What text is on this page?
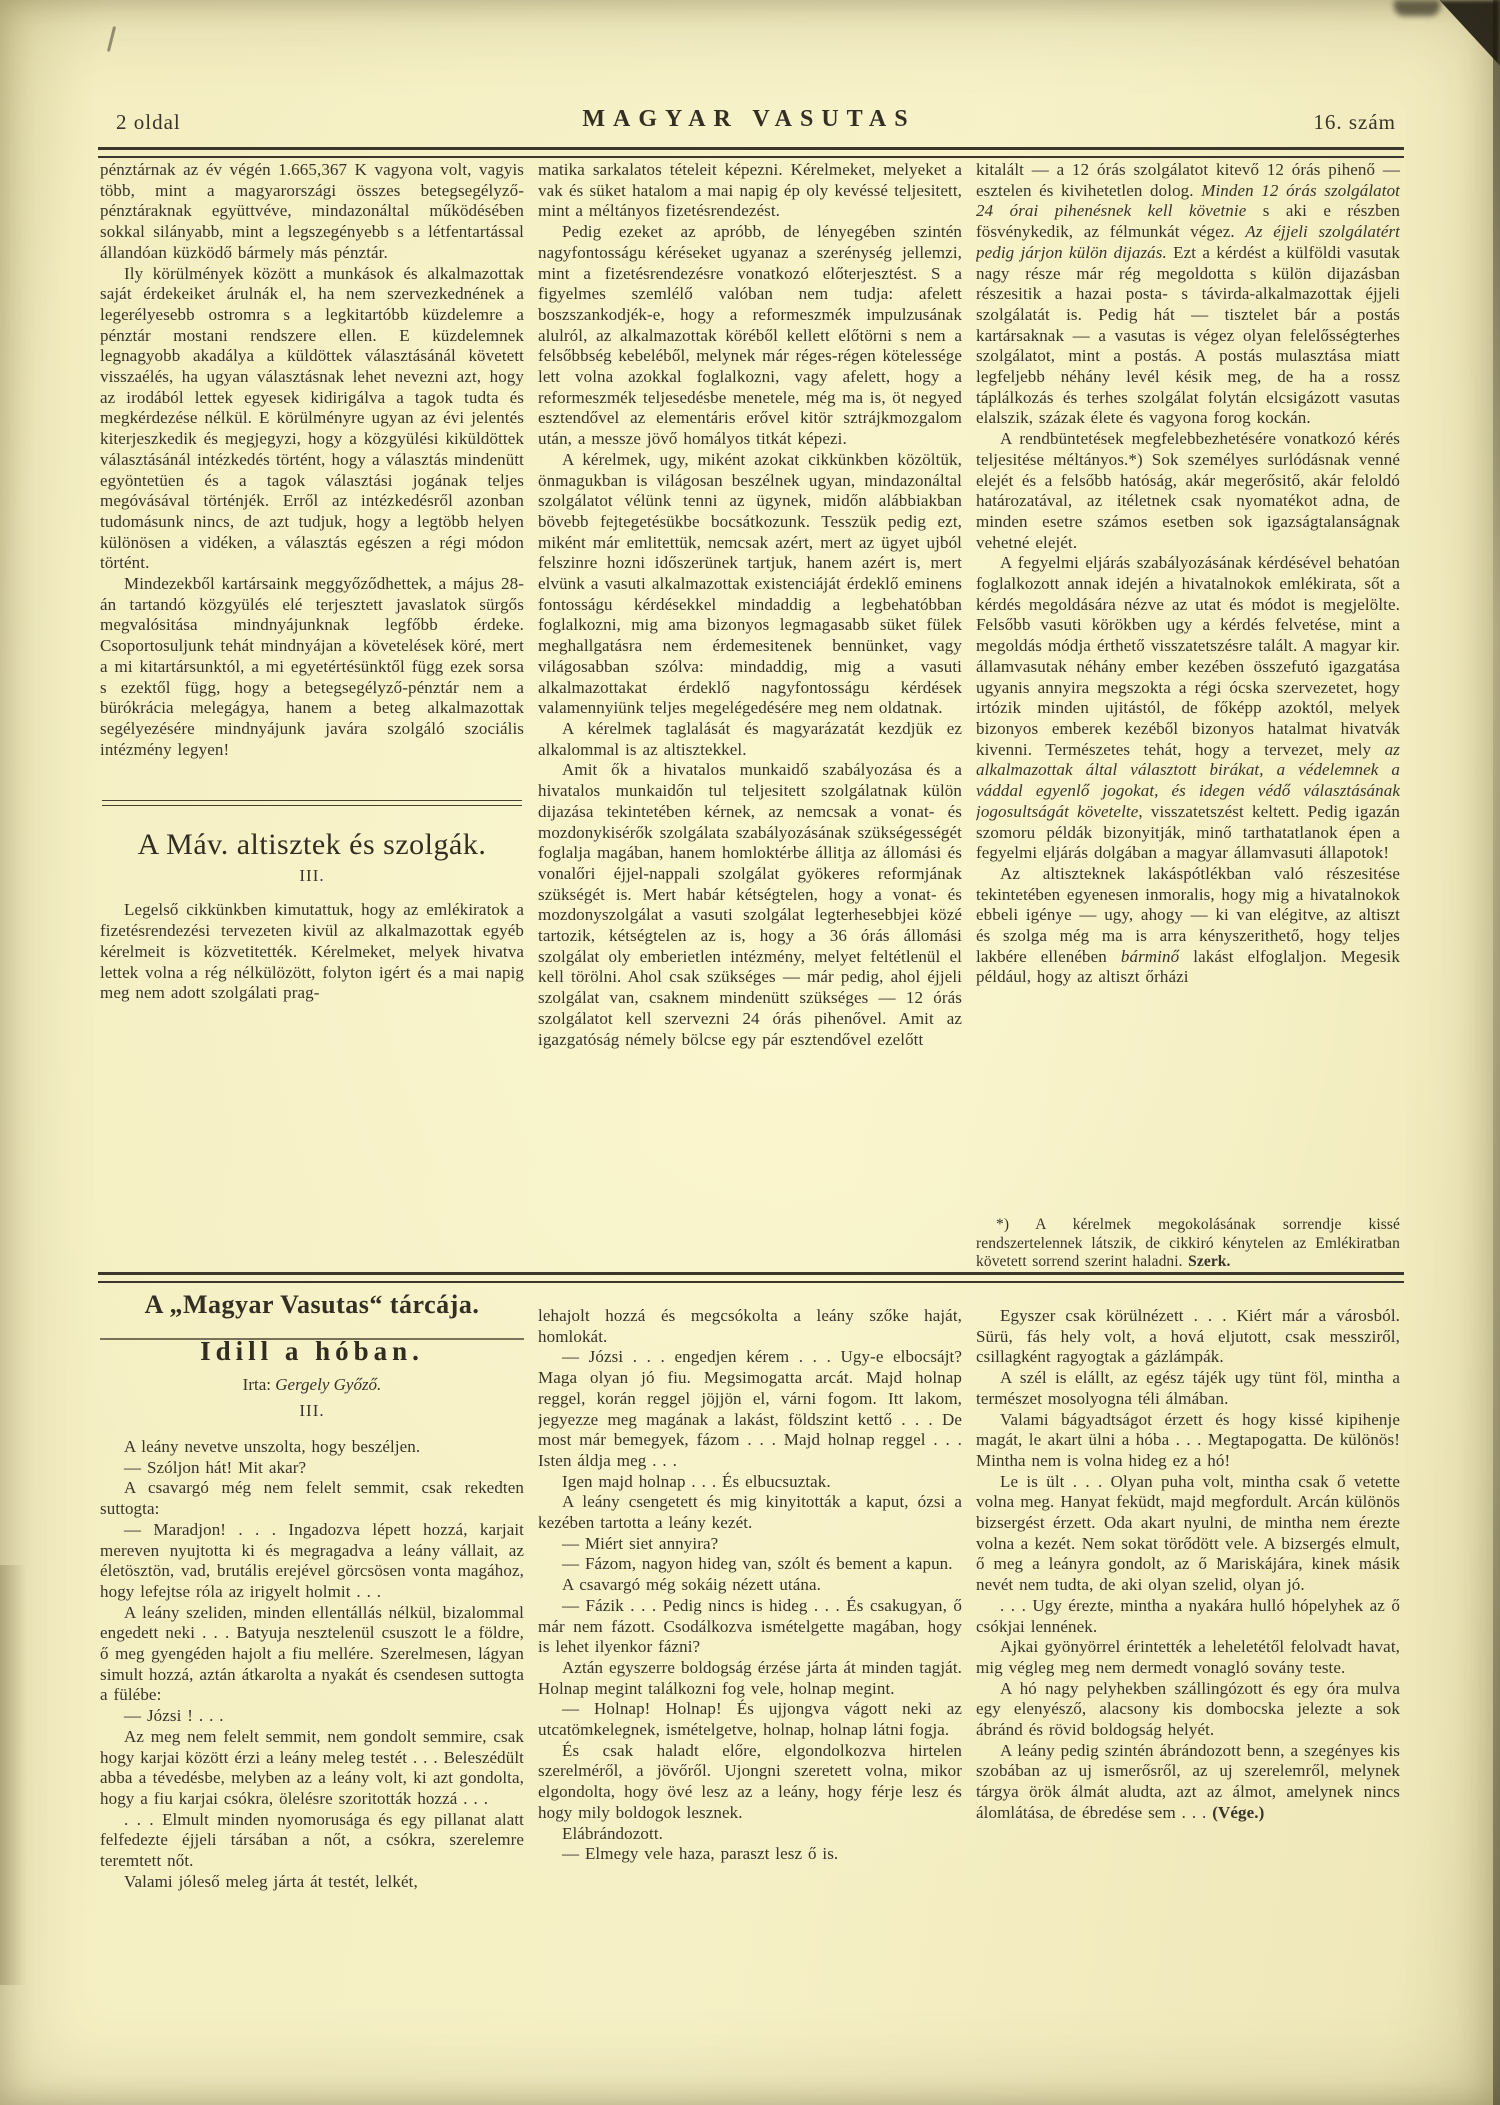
2 oldal	MAGYAR VASUTAS	16. szám

pénztárnak az év végén 1.665,367 K vagyona volt, vagyis több, mint a magyarországi összes betegsegélyző-pénztáraknak együttvéve, mindazonáltal működésében sokkal silányabb, mint a legszegényebb s a létfentartással állandóan küzködő bármely más pénztár.

Ily körülmények között a munkások és alkalmazottak saját érdekeiket árulnák el, ha nem szervezkednének a legerélyesebb ostromra s a legkitartóbb küzdelemre a pénztár mostani rendszere ellen. E küzdelemnek legnagyobb akadálya a küldöttek választásánál követett visszaélés, ha ugyan választásnak lehet nevezni azt, hogy az irodából lettek egyesek kidirigálva a tagok tudta és megkérdezése nélkül. E körülményre ugyan az évi jelentés kiterjeszkedik és megjegyzi, hogy a közgyülési kiküldöttek választásánál intézkedés történt, hogy a választás mindenütt egyöntetüen és a tagok választási jogának teljes megóvásával történjék. Erről az intézkedésről azonban tudomásunk nincs, de azt tudjuk, hogy a legtöbb helyen különösen a vidéken, a választás egészen a régi módon történt.

Mindezekből kartársaink meggyőződhettek, a május 28-án tartandó közgyülés elé terjesztett javaslatok sürgős megvalósitása mindnyájunknak legfőbb érdeke. Csoportosuljunk tehát mindnyájan a követelések köré, mert a mi kitartársunktól, a mi egyetértésünktől függ ezek sorsa s ezektől függ, hogy a betegsegélyző-pénztár nem a bürókrácia melegágya, hanem a beteg alkalmazottak segélyezésére mindnyájunk javára szolgáló szociális intézmény legyen!

A Máv. altisztek és szolgák.
III.

Legelső cikkünkben kimutattuk, hogy az emlékiratok a fizetésrendezési tervezeten kivül az alkalmazottak egyéb kérelmeit is közvetitették. Kérelmeket, melyek hivatva lettek volna a rég nélkülözött, folyton igért és a mai napig meg nem adott szolgálati prag-

matika sarkalatos tételeit képezni. Kérelmeket, melyeket a vak és süket hatalom a mai napig ép oly kevéssé teljesitett, mint a méltányos fizetésrendezést.

Pedig ezeket az apróbb, de lényegében szintén nagyfontosságu kéréseket ugyanaz a szerénység jellemzi, mint a fizetésrendezésre vonatkozó előterjesztést. S a figyelmes szemlélő valóban nem tudja: afelett boszszankodjék-e, hogy a reformeszmék impulzusának alulról, az alkalmazottak köréből kellett előtörni s nem a felsőbbség kebeléből, melynek már réges-régen kötelessége lett volna azokkal foglalkozni, vagy afelett, hogy a reformeszmék teljesedésbe menetele, még ma is, öt negyed esztendővel az elementáris erővel kitör sztrájkmozgalom után, a messze jövő homályos titkát képezi.

A kérelmek, ugy, miként azokat cikkünkben közöltük, önmagukban is világosan beszélnek ugyan, mindazonáltal szolgálatot vélünk tenni az ügynek, midőn alábbiakban bövebb fejtegetésükbe bocsátkozunk. Tesszük pedig ezt, miként már emlitettük, nemcsak azért, mert az ügyet ujból felszinre hozni időszerünek tartjuk, hanem azért is, mert elvünk a vasuti alkalmazottak existenciáját érdeklő eminens fontosságu kérdésekkel mindaddig a legbehatóbban foglalkozni, mig ama bizonyos legmagasabb süket fülek meghallgatásra nem érdemesitenek bennünket, vagy világosabban szólva: mindaddig, mig a vasuti alkalmazottakat érdeklő nagyfontosságu kérdések valamennyiünk teljes megelégedésére meg nem oldatnak.

A kérelmek taglalását és magyarázatát kezdjük ez alkalommal is az altisztekkel.

Amit ők a hivatalos munkaidő szabályozása és a hivatalos munkaidőn tul teljesitett szolgálatnak külön dijazása tekintetében kérnek, az nemcsak a vonat- és mozdonykisérők szolgálata szabályozásának szükségességét foglalja magában, hanem homloktérbe állitja az állomási és vonalőri éjjel-nappali szolgálat gyökeres reformjának szükségét is. Mert habár kétségtelen, hogy a vonat- és mozdonyszolgálat a vasuti szolgálat legterhesebbjei közé tartozik, kétségtelen az is, hogy a 36 órás állomási szolgálat oly emberietlen intézmény, melyet feltétlenül el kell törölni. Ahol csak szükséges — már pedig, ahol éjjeli szolgálat van, csaknem mindenütt szükséges — 12 órás szolgálatot kell szervezni 24 órás pihenővel. Amit az igazgatóság némely bölcse egy pár esztendővel ezelőtt

kitalált — a 12 órás szolgálatot kitevő 12 órás pihenő — esztelen és kivihetetlen dolog. Minden 12 órás szolgálatot 24 órai pihenésnek kell követnie s aki e részben fösvénykedik, az félmunkát végez. Az éjjeli szolgálatért pedig járjon külön dijazás. Ezt a kérdést a külföldi vasutak nagy része már rég megoldotta s külön dijazásban részesitik a hazai posta- s távirda-alkalmazottak éjjeli szolgálatát is. Pedig hát — tisztelet bár a postás kartársaknak — a vasutas is végez olyan felelősségterhes szolgálatot, mint a postás. A postás mulasztása miatt legfeljebb néhány levél késik meg, de ha a rossz táplálkozás és terhes szolgálat folytán elcsigázott vasutas elalszik, százak élete és vagyona forog kockán.

A rendbüntetések megfelebbezhetésére vonatkozó kérés teljesitése méltányos.*) Sok személyes surlódásnak venné elejét és a felsőbb hatóság, akár megerősitő, akár feloldó határozatával, az itéletnek csak nyomatékot adna, de minden esetre számos esetben sok igazságtalanságnak vehetné elejét.

A fegyelmi eljárás szabályozásának kérdésével behatóan foglalkozott annak idején a hivatalnokok emlékirata, sőt a kérdés megoldására nézve az utat és módot is megjelölte. Felsőbb vasuti körökben ugy a kérdés felvetése, mint a megoldás módja érthető visszatetszésre talált. A magyar kir. államvasutak néhány ember kezében összefutó igazgatása ugyanis annyira megszokta a régi ócska szervezetet, hogy irtózik minden ujitástól, de főképp azoktól, melyek bizonyos emberek kezéből bizonyos hatalmat hivatvák kivenni. Természetes tehát, hogy a tervezet, mely az alkalmazottak által választott birákat, a védelemnek a váddal egyenlő jogokat, és idegen védő választásának jogosultságát követelte, visszatetszést keltett. Pedig igazán szomoru példák bizonyitják, minő tarthatatlanok épen a fegyelmi eljárás dolgában a magyar államvasuti állapotok!

Az altiszteknek lakáspótlékban való részesitése tekintetében egyenesen inmoralis, hogy mig a hivatalnokok ebbeli igénye — ugy, ahogy — ki van elégitve, az altiszt és szolga még ma is arra kényszerithető, hogy teljes lakbére ellenében bárminő lakást elfoglaljon. Megesik például, hogy az altiszt őrházi

*) A kérelmek megokolásának sorrendje kissé rendszertelennek látszik, de cikkiró kénytelen az Emlékiratban követett sorrend szerint haladni. Szerk.

A „Magyar Vasutas“ tárcája.
Idill a hóban.
Irta: Gergely Győző.
III.

A leány nevetve unszolta, hogy beszéljen.

— Szóljon hát! Mit akar?

A csavargó még nem felelt semmit, csak rekedten suttogta:

— Maradjon! . . . Ingadozva lépett hozzá, karjait mereven nyujtotta ki és megragadva a leány vállait, az életösztön, vad, brutális erejével görcsösen vonta magához, hogy lefejtse róla az irigyelt holmit . . .

A leány szeliden, minden ellentállás nélkül, bizalommal engedett neki . . . Batyuja nesztelenül csuszott le a földre, ő meg gyengéden hajolt a fiu mellére. Szerelmesen, lágyan simult hozzá, aztán átkarolta a nyakát és csendesen suttogta a fülébe:

— Józsi ! . . .

Az meg nem felelt semmit, nem gondolt semmire, csak hogy karjai között érzi a leány meleg testét . . . Beleszédült abba a tévedésbe, melyben az a leány volt, ki azt gondolta, hogy a fiu karjai csókra, ölelésre szoritották hozzá . . .

. . . Elmult minden nyomorusága és egy pillanat alatt felfedezte éjjeli társában a nőt, a csókra, szerelemre teremtett nőt.

Valami jóleső meleg járta át testét, lelkét,

lehajolt hozzá és megcsókolta a leány szőke haját, homlokát.

— Józsi . . . engedjen kérem . . . Ugy-e elbocsájt? Maga olyan jó fiu. Megsimogatta arcát. Majd holnap reggel, korán reggel jöjjön el, várni fogom. Itt lakom, jegyezze meg magának a lakást, földszint kettő . . . De most már bemegyek, fázom . . . Majd holnap reggel . . . Isten áldja meg . . .

Igen majd holnap . . . És elbucsuztak.

A leány csengetett és mig kinyitották a kaput, ózsi a kezében tartotta a leány kezét.

— Miért siet annyira?

— Fázom, nagyon hideg van, szólt és bement a kapun.

A csavargó még sokáig nézett utána.

— Fázik . . . Pedig nincs is hideg . . . És csakugyan, ő már nem fázott. Csodálkozva ismételgette magában, hogy is lehet ilyenkor fázni?

Aztán egyszerre boldogság érzése járta át minden tagját. Holnap megint találkozni fog vele, holnap megint.

— Holnap! Holnap! És ujjongva vágott neki az utcatömkelegnek, ismételgetve, holnap, holnap látni fogja.

És csak haladt előre, elgondolkozva hirtelen szerelméről, a jövőről. Ujongni szeretett volna, mikor elgondolta, hogy övé lesz az a leány, hogy férje lesz és hogy mily boldogok lesznek.

Elábrándozott.

— Elmegy vele haza, paraszt lesz ő is.

Egyszer csak körülnézett . . . Kiért már a városból. Sürü, fás hely volt, a hová eljutott, csak messziről, csillagként ragyogtak a gázlámpák.

A szél is elállt, az egész tájék ugy tünt föl, mintha a természet mosolyogna téli álmában.

Valami bágyadtságot érzett és hogy kissé kipihenje magát, le akart ülni a hóba . . . Megtapogatta. De különös! Mintha nem is volna hideg ez a hó!

Le is ült . . . Olyan puha volt, mintha csak ő vetette volna meg. Hanyat feküdt, majd megfordult. Arcán különös bizsergést érzett. Oda akart nyulni, de mintha nem érezte volna a kezét. Nem sokat törődött vele. A bizsergés elmult, ő meg a leányra gondolt, az ő Mariskájára, kinek másik nevét nem tudta, de aki olyan szelid, olyan jó.

. . . Ugy érezte, mintha a nyakára hulló hópelyhek az ő csókjai lennének.

Ajkai gyönyörrel érintették a leheletétől felolvadt havat, mig végleg meg nem dermedt vonagló sovány teste.

A hó nagy pelyhekben szállingózott és egy óra mulva egy elenyésző, alacsony kis dombocska jelezte a sok ábránd és rövid boldogság helyét.

A leány pedig szintén ábrándozott benn, a szegényes kis szobában az uj ismerősről, az uj szerelemről, melynek tárgya örök álmát aludta, azt az álmot, amelynek nincs álomlátása, de ébredése sem . . . (Vége.)
